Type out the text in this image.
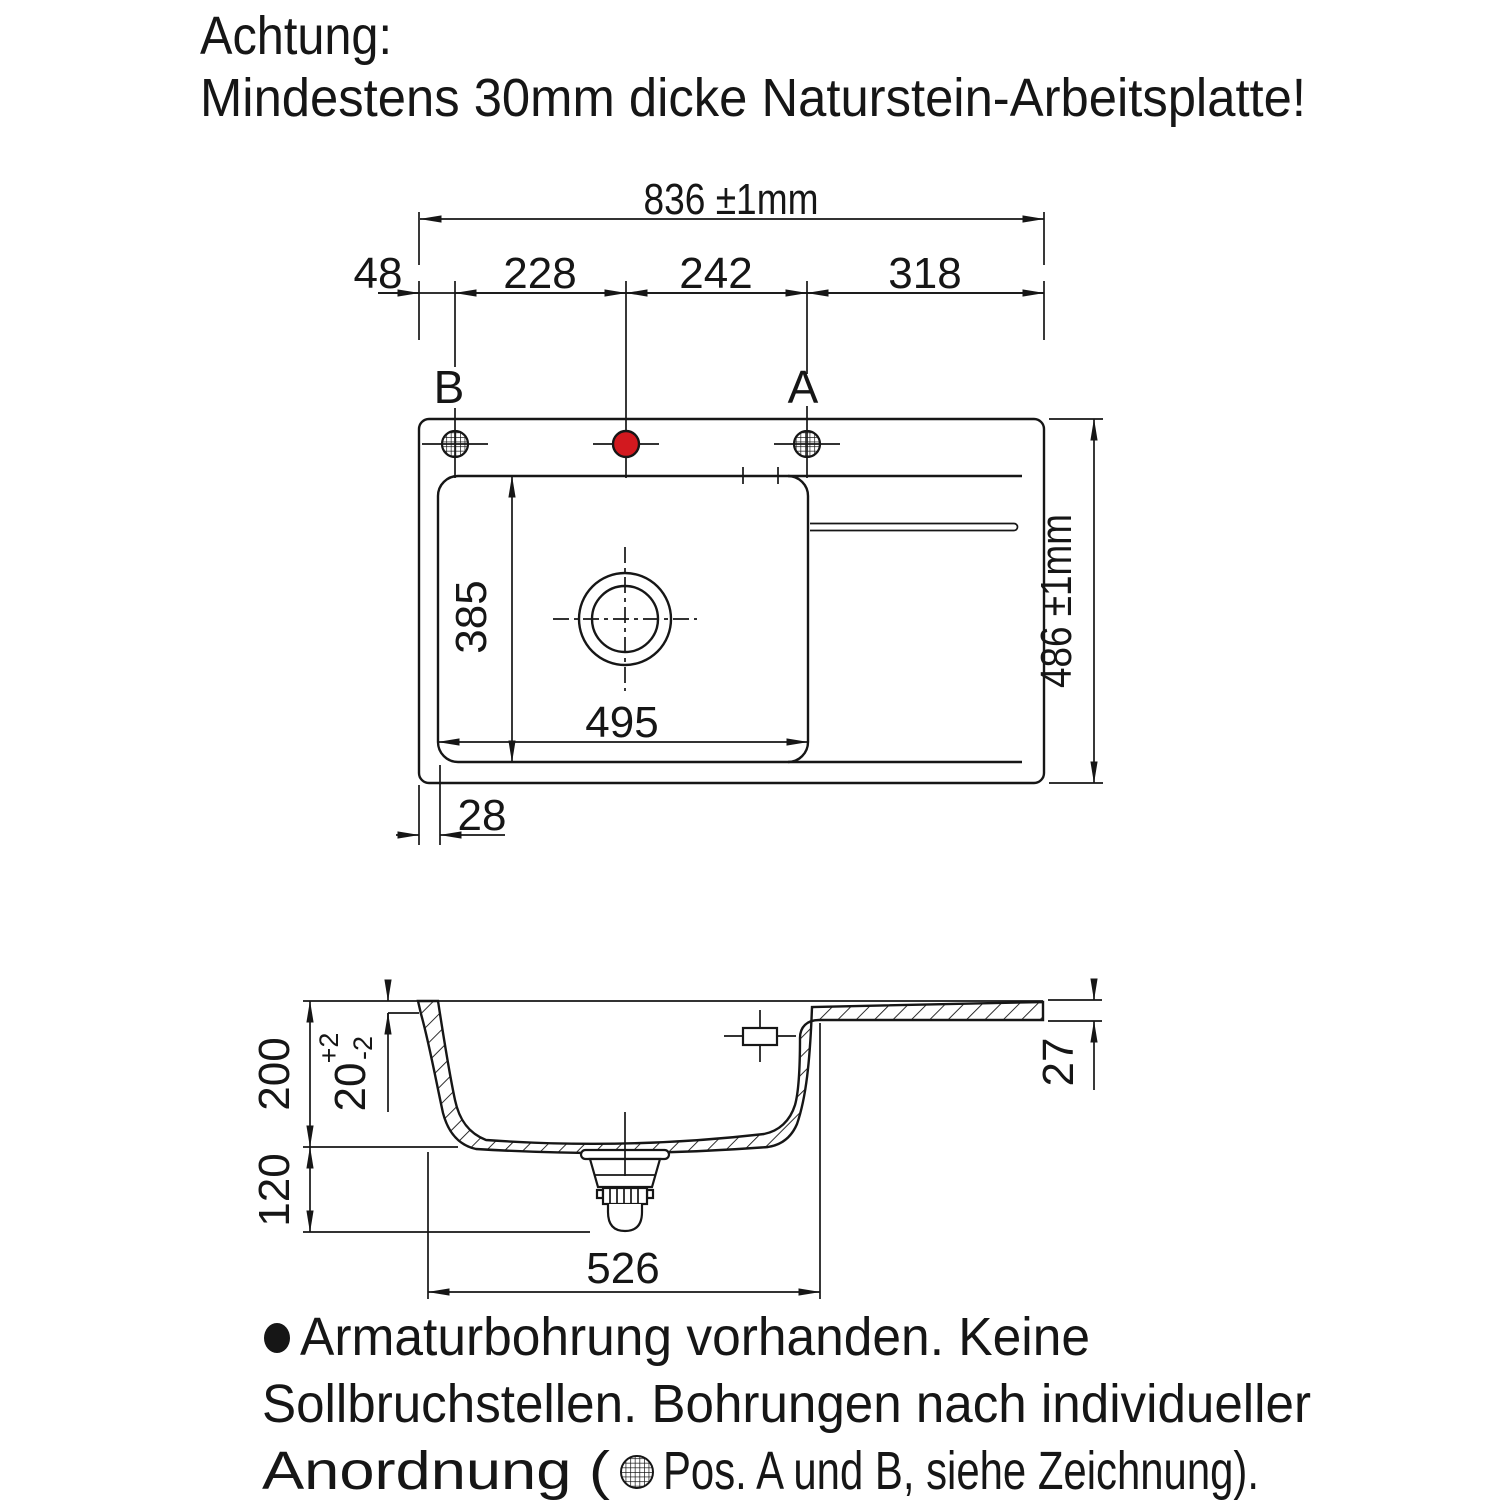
Achtung:
Mindestens 30mm dicke Naturstein-Arbeitsplatte!
836 ±1mm
48 228 242	318
B	A
385
495
28
486 ±1mm
200
120
20
+2 -2	27
526
Armaturbohrung vorhanden. Keine
Sollbruchstellen. Bohrungen nach individueller
Anordnung ( Pos. A und B, siehe Zeichnung).
